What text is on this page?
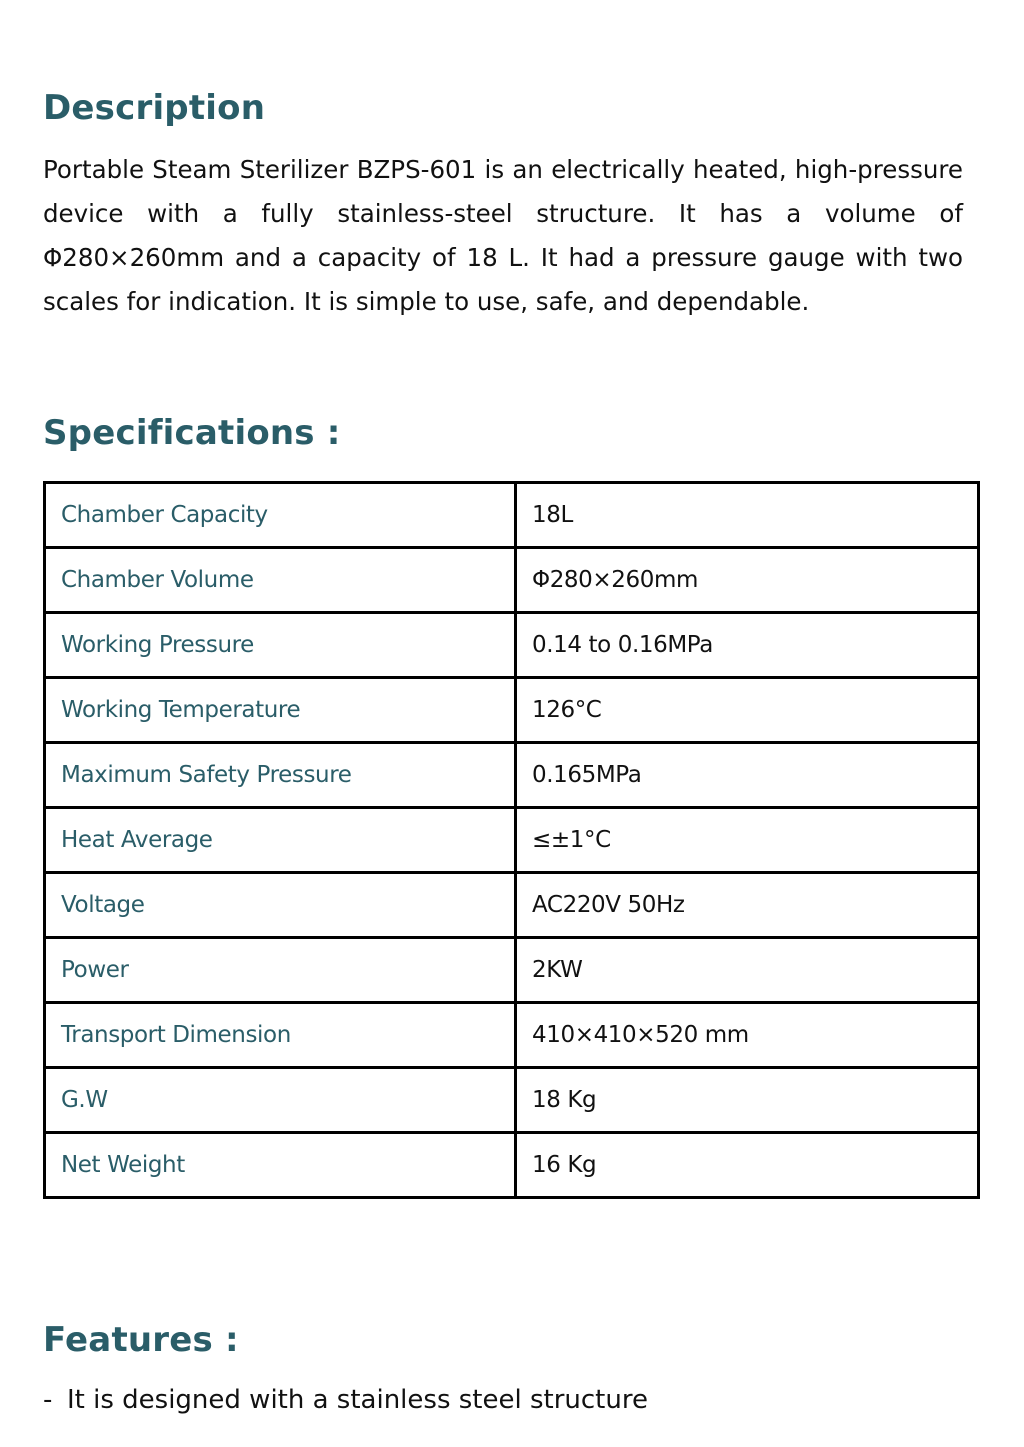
Description

Portable Steam Sterilizer BZPS-601 is an electrically heated, high-pressure device with a fully stainless-steel structure. It has a volume of Φ280×260mm and a capacity of 18 L. It had a pressure gauge with two scales for indication. It is simple to use, safe, and dependable.

Specifications :
Chamber Capacity	18L
Chamber Volume	Φ280×260mm
Working Pressure	0.14 to 0.16MPa
Working Temperature	126°C
Maximum Safety Pressure	0.165MPa
Heat Average	≤±1°C
Voltage	AC220V 50Hz
Power	2KW
Transport Dimension	410×410×520 mm
G.W	18 Kg
Net Weight	16 Kg
Features :
- It is designed with a stainless steel structure
